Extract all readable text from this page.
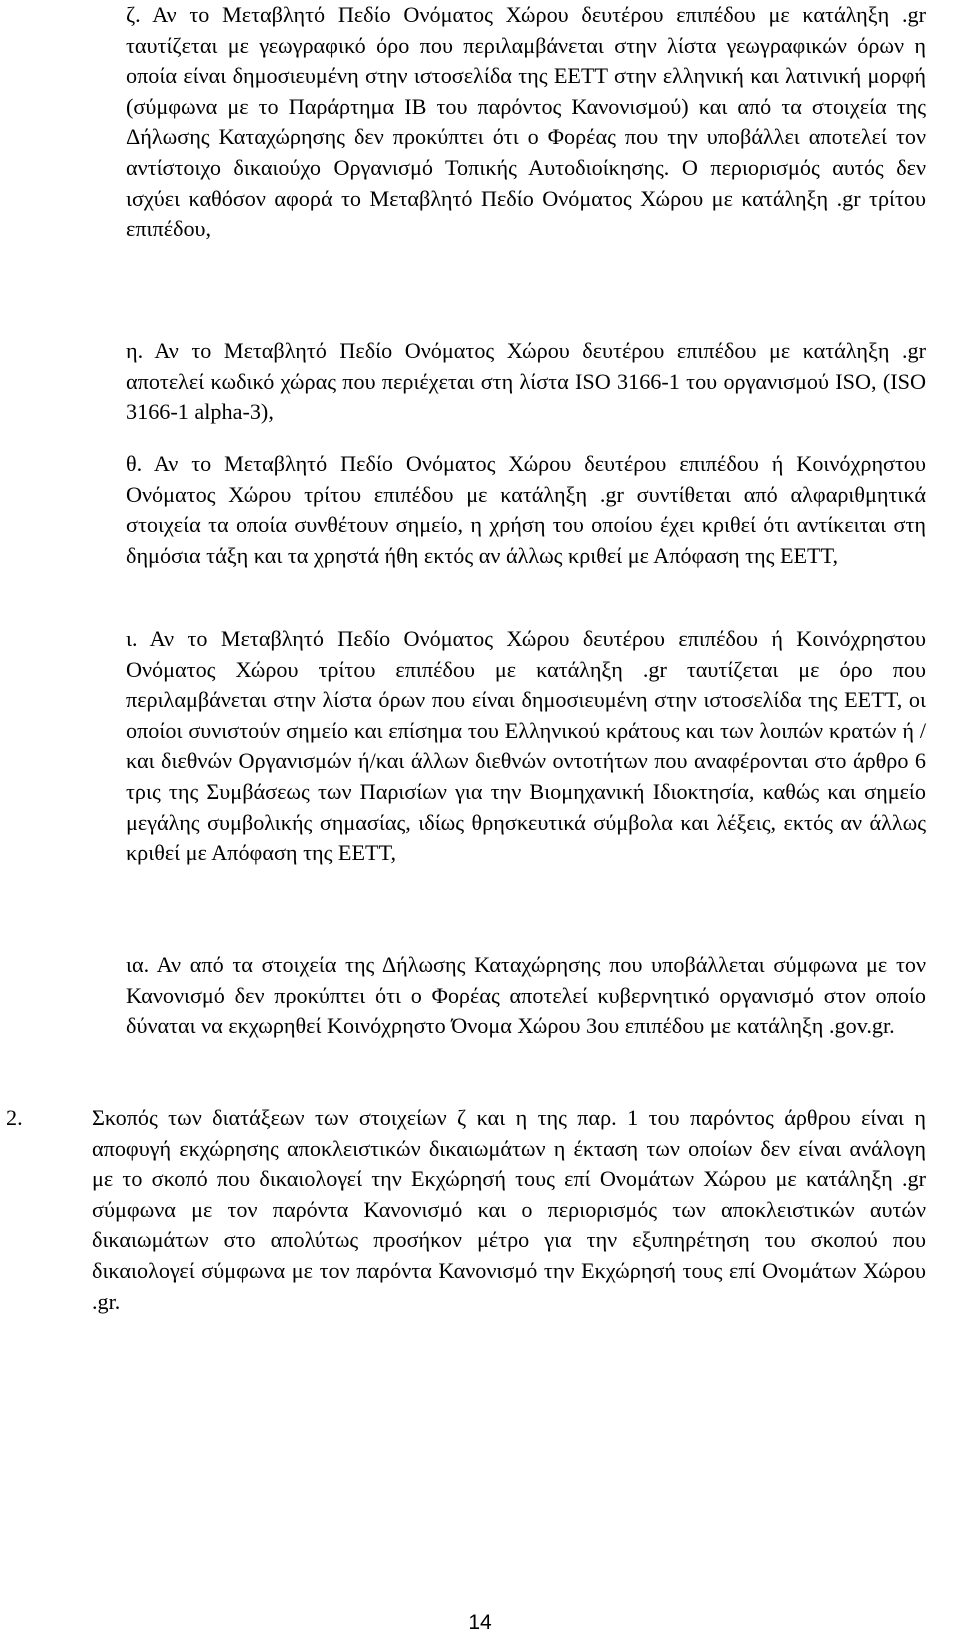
ζ. Αν το Μεταβλητό Πεδίο Ονόματος Χώρου δευτέρου επιπέδου με κατάληξη .gr ταυτίζεται με γεωγραφικό όρο που περιλαμβάνεται στην λίστα γεωγραφικών όρων η οποία είναι δημοσιευμένη στην ιστοσελίδα της ΕΕΤΤ στην ελληνική και λατινική μορφή (σύμφωνα με το Παράρτημα ΙΒ του παρόντος Κανονισμού) και από τα στοιχεία της Δήλωσης Καταχώρησης δεν προκύπτει ότι ο Φορέας που την υποβάλλει αποτελεί τον αντίστοιχο δικαιούχο Οργανισμό Τοπικής Αυτοδιοίκησης. Ο περιορισμός αυτός δεν ισχύει καθόσον αφορά το Μεταβλητό Πεδίο Ονόματος Χώρου με κατάληξη .gr τρίτου επιπέδου,

η. Αν το Μεταβλητό Πεδίο Ονόματος Χώρου δευτέρου επιπέδου με κατάληξη .gr αποτελεί κωδικό χώρας που περιέχεται στη λίστα ISO 3166-1 του οργανισμού ISO, (ISO 3166-1 alpha-3),

θ. Αν το Μεταβλητό Πεδίο Ονόματος Χώρου δευτέρου επιπέδου ή Κοινόχρηστου Ονόματος Χώρου τρίτου επιπέδου με κατάληξη .gr συντίθεται από αλφαριθμητικά στοιχεία τα οποία συνθέτουν σημείο, η χρήση του οποίου έχει κριθεί ότι αντίκειται στη δημόσια τάξη και τα χρηστά ήθη εκτός αν άλλως κριθεί με Απόφαση της ΕΕΤΤ,

ι. Αν το Μεταβλητό Πεδίο Ονόματος Χώρου δευτέρου επιπέδου ή Κοινόχρηστου Ονόματος Χώρου τρίτου επιπέδου με κατάληξη .gr ταυτίζεται με όρο που περιλαμβάνεται στην λίστα όρων που είναι δημοσιευμένη στην ιστοσελίδα της ΕΕΤΤ, οι οποίοι συνιστούν σημείο και επίσημα του Ελληνικού κράτους και των λοιπών κρατών ή /και διεθνών Οργανισμών ή/και άλλων διεθνών οντοτήτων που αναφέρονται στο άρθρο 6 τρις της Συμβάσεως των Παρισίων για την Βιομηχανική Ιδιοκτησία, καθώς και σημείο μεγάλης συμβολικής σημασίας, ιδίως θρησκευτικά σύμβολα και λέξεις, εκτός αν άλλως κριθεί με Απόφαση της ΕΕΤΤ,

ια. Αν από τα στοιχεία της Δήλωσης Καταχώρησης που υποβάλλεται σύμφωνα με τον Κανονισμό δεν προκύπτει ότι ο Φορέας αποτελεί κυβερνητικό οργανισμό στον οποίο δύναται να εκχωρηθεί Κοινόχρηστο Όνομα Χώρου 3ου επιπέδου με κατάληξη .gov.gr.

2.	Σκοπός των διατάξεων των στοιχείων ζ και η της παρ. 1 του παρόντος άρθρου είναι η αποφυγή εκχώρησης αποκλειστικών δικαιωμάτων η έκταση των οποίων δεν είναι ανάλογη με το σκοπό που δικαιολογεί την Εκχώρησή τους επί Ονομάτων Χώρου με κατάληξη .gr σύμφωνα με τον παρόντα Κανονισμό και ο περιορισμός των αποκλειστικών αυτών δικαιωμάτων στο απολύτως προσήκον μέτρο για την εξυπηρέτηση του σκοπού που δικαιολογεί σύμφωνα με τον παρόντα Κανονισμό την Εκχώρησή τους επί Ονομάτων Χώρου .gr.

14
